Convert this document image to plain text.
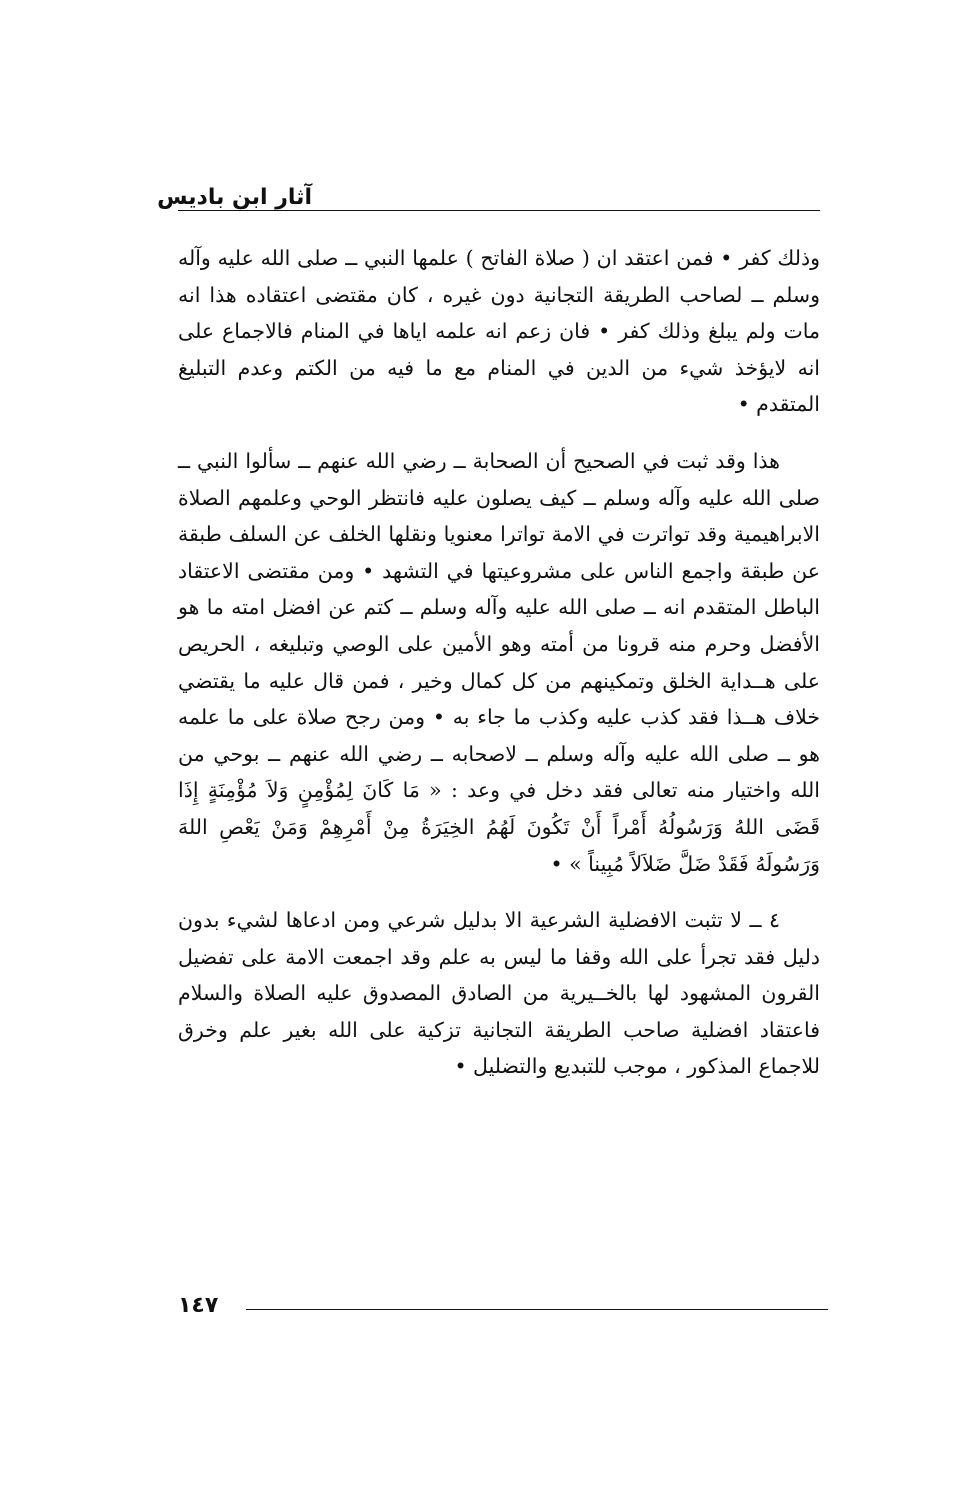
آثار ابن باديس

وذلك كفر • فمن اعتقد ان ( صلاة الفاتح ) علمها النبي ــ صلى الله عليه وآله وسلم ــ لصاحب الطريقة التجانية دون غيره ، كان مقتضى اعتقاده هذا انه مات ولم يبلغ وذلك كفر • فان زعم انه علمه اياها في المنام فالاجماع على انه لايؤخذ شيء من الدين في المنام مع ما فيه من الكتم وعدم التبليغ المتقدم •

هذا وقد ثبت في الصحيح أن الصحابة ــ رضي الله عنهم ــ سألوا النبي ــ صلى الله عليه وآله وسلم ــ كيف يصلون عليه فانتظر الوحي وعلمهم الصلاة الابراهيمية وقد تواترت في الامة تواترا معنويا ونقلها الخلف عن السلف طبقة عن طبقة واجمع الناس على مشروعيتها في التشهد • ومن مقتضى الاعتقاد الباطل المتقدم انه ــ صلى الله عليه وآله وسلم ــ كتم عن افضل امته ما هو الأفضل وحرم منه قرونا من أمته وهو الأمين على الوصي وتبليغه ، الحريص على هــداية الخلق وتمكينهم من كل كمال وخير ، فمن قال عليه ما يقتضي خلاف هــذا فقد كذب عليه وكذب ما جاء به • ومن رجح صلاة على ما علمه هو ــ صلى الله عليه وآله وسلم ــ لاصحابه ــ رضي الله عنهم ــ بوحي من الله واختيار منه تعالى فقد دخل في وعد : « مَا كَانَ لِمُؤْمِنٍ وَلاَ مُؤْمِنَةٍ إِذَا قَضَى اللهُ وَرَسُولُهُ أَمْراً أَنْ تَكُونَ لَهُمُ الخِيَرَةُ مِنْ أَمْرِهِمْ وَمَنْ يَعْصِ اللهَ وَرَسُولَهُ فَقَدْ ضَلَّ ضَلاَلاً مُبِيناً » •

٤ ــ لا تثبت الافضلية الشرعية الا بدليل شرعي ومن ادعاها لشيء بدون دليل فقد تجرأ على الله وقفا ما ليس به علم وقد اجمعت الامة على تفضيل القرون المشهود لها بالخــيرية من الصادق المصدوق عليه الصلاة والسلام فاعتقاد افضلية صاحب الطريقة التجانية تزكية على الله بغير علم وخرق للاجماع المذكور ، موجب للتبديع والتضليل •

١٤٧
